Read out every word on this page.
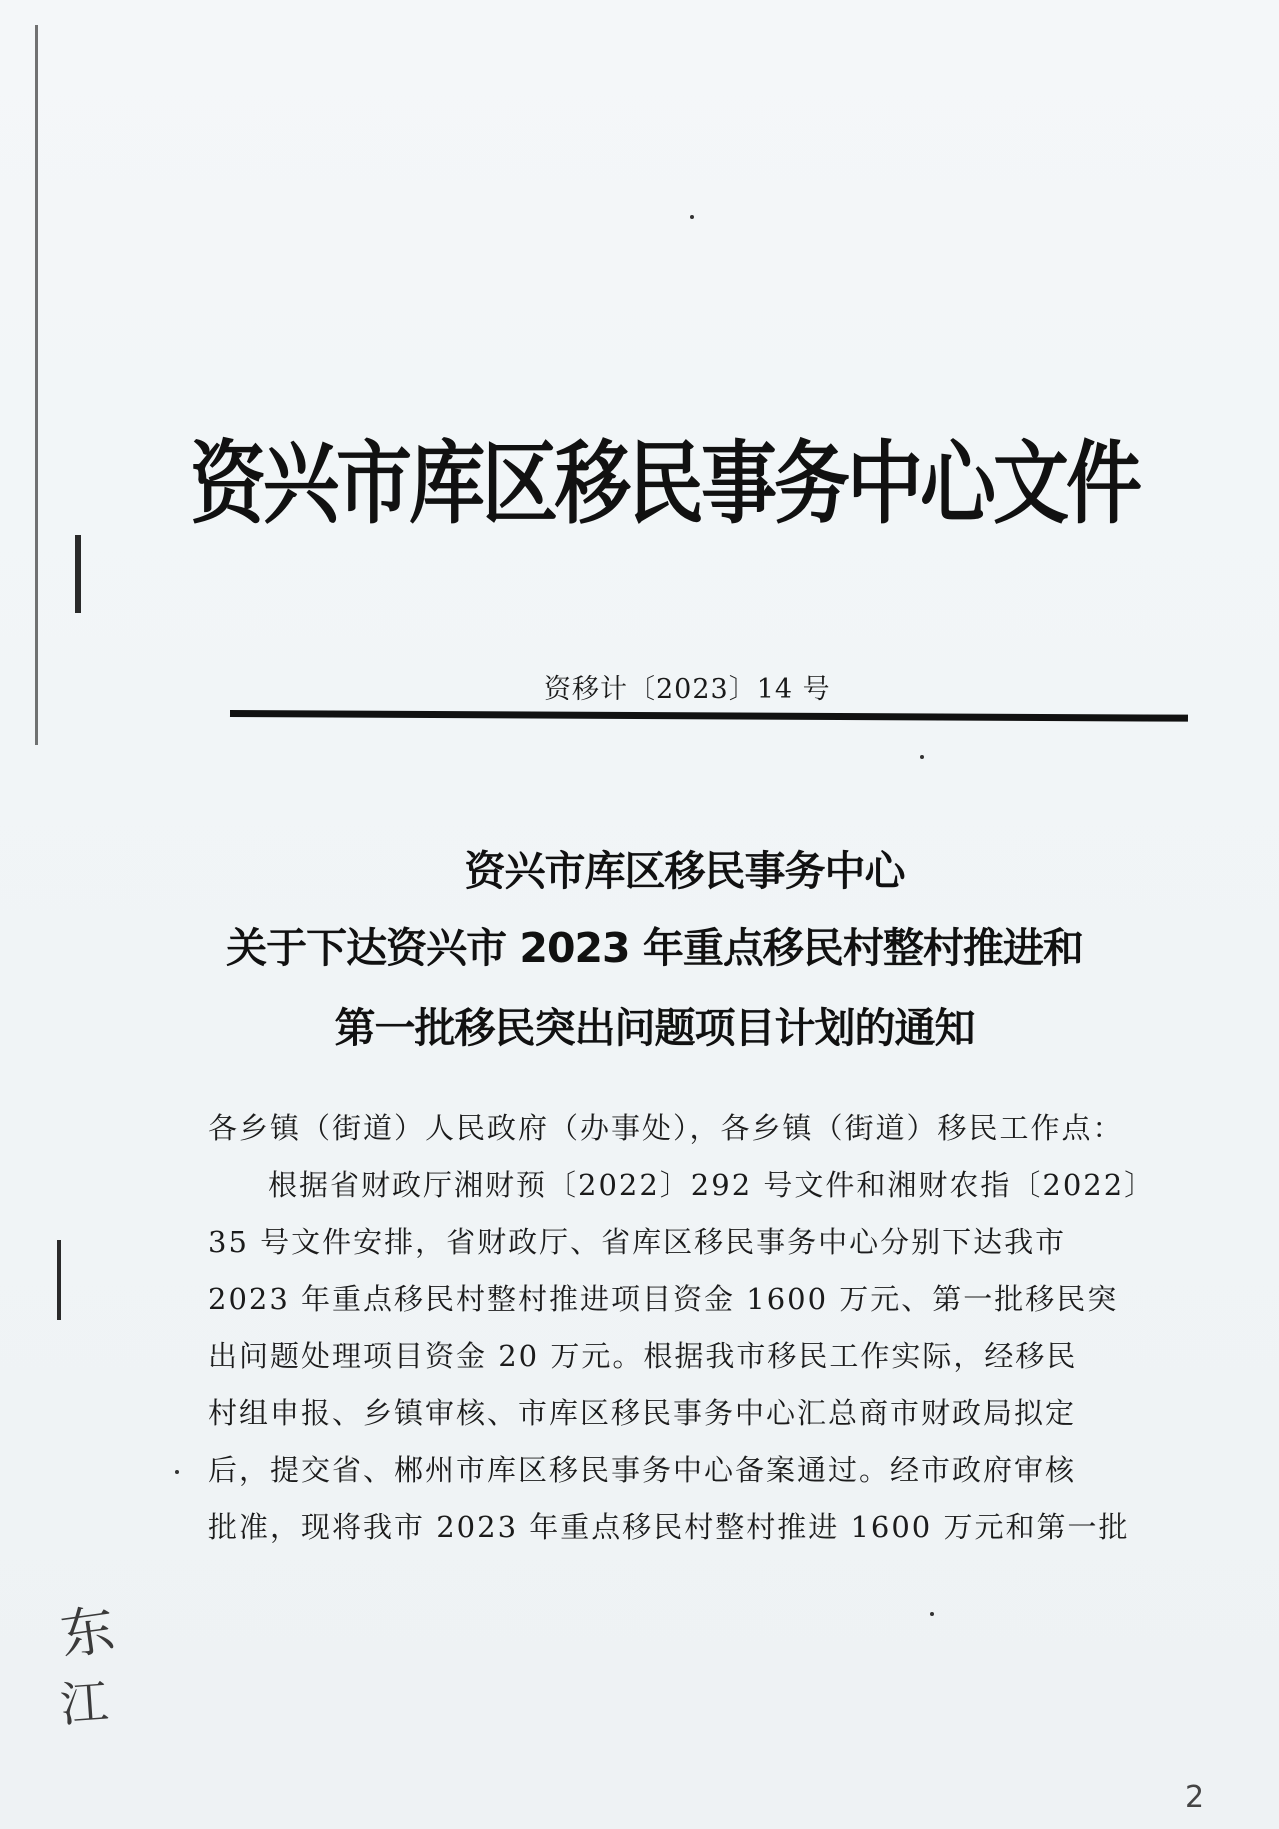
资兴市库区移民事务中心文件
资移计〔2023〕14 号
资兴市库区移民事务中心
关于下达资兴市 2023 年重点移民村整村推进和
第一批移民突出问题项目计划的通知
各乡镇（街道）人民政府（办事处），各乡镇（街道）移民工作点：
根据省财政厅湘财预〔2022〕292 号文件和湘财农指〔2022〕
35 号文件安排，省财政厅、省库区移民事务中心分别下达我市
2023 年重点移民村整村推进项目资金 1600 万元、第一批移民突
出问题处理项目资金 20 万元。根据我市移民工作实际，经移民
村组申报、乡镇审核、市库区移民事务中心汇总商市财政局拟定
后，提交省、郴州市库区移民事务中心备案通过。经市政府审核
批准，现将我市 2023 年重点移民村整村推进 1600 万元和第一批
东
江
2
